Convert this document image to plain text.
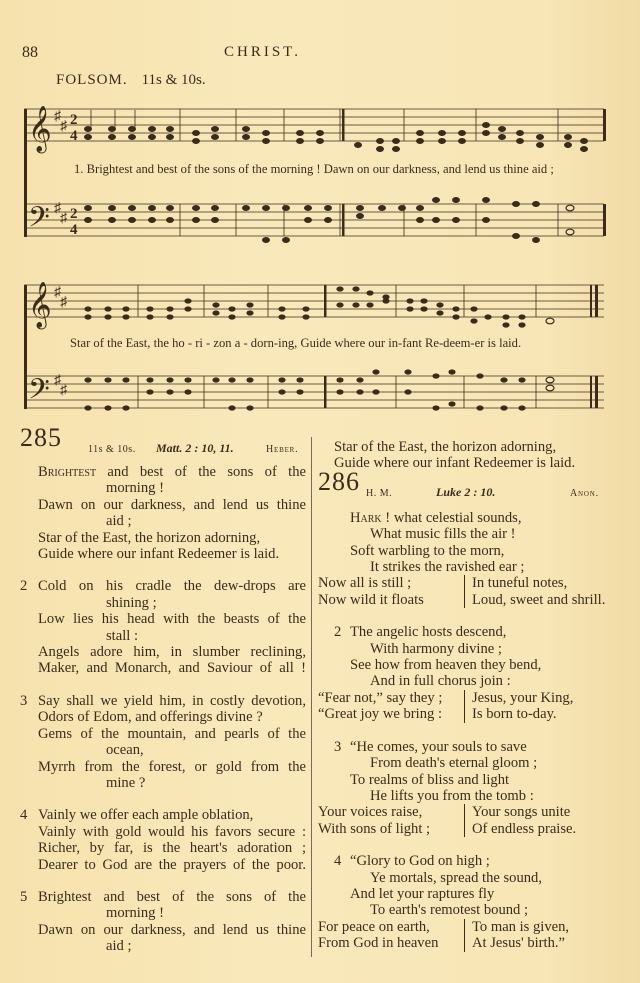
88	CHRIST.
FOLSOM. 11s & 10s.
𝄞
𝄢
♯
♯
♯
♯
2
4
2
4
1. Brightest and best of the sons of the morning ! Dawn on our darkness, and lend us thine aid ;
𝄞
𝄢
♯
♯
♯
♯
Star of the East, the ho - ri - zon a - dorn-ing, Guide where our in-fant Re-deem-er is laid.
285	11s & 10s. Matt. 2 : 10, 11.	Heber.
Brightest and best of the sons of the
morning !
Dawn on our darkness, and lend us thine
aid ;
Star of the East, the horizon adorning,
Guide where our infant Redeemer is laid.
2 Cold on his cradle the dew-drops are
shining ;
Low lies his head with the beasts of the
stall :
Angels adore him, in slumber reclining,
Maker, and Monarch, and Saviour of all !
3 Say shall we yield him, in costly devotion,
Odors of Edom, and offerings divine ?
Gems of the mountain, and pearls of the
ocean,
Myrrh from the forest, or gold from the
mine ?
4 Vainly we offer each ample oblation,
Vainly with gold would his favors secure :
Richer, by far, is the heart's adoration ;
Dearer to God are the prayers of the poor.
5 Brightest and best of the sons of the
morning !
Dawn on our darkness, and lend us thine
aid ;
Star of the East, the horizon adorning,
Guide where our infant Redeemer is laid.
286 H. M.	Luke 2 : 10.	Anon.
Hark ! what celestial sounds,
What music fills the air !
Soft warbling to the morn,
It strikes the ravished ear ;
Now all is still ;	In tuneful notes,
Now wild it floats	Loud, sweet and shrill.
2 The angelic hosts descend,
With harmony divine ;
See how from heaven they bend,
And in full chorus join :
“Fear not,” say they ;	Jesus, your King,
“Great joy we bring :	Is born to-day.
3 “He comes, your souls to save
From death's eternal gloom ;
To realms of bliss and light
He lifts you from the tomb :
Your voices raise,	Your songs unite
With sons of light ;	Of endless praise.
4 “Glory to God on high ;
Ye mortals, spread the sound,
And let your raptures fly
To earth's remotest bound ;
For peace on earth,	To man is given,
From God in heaven	At Jesus' birth.”
